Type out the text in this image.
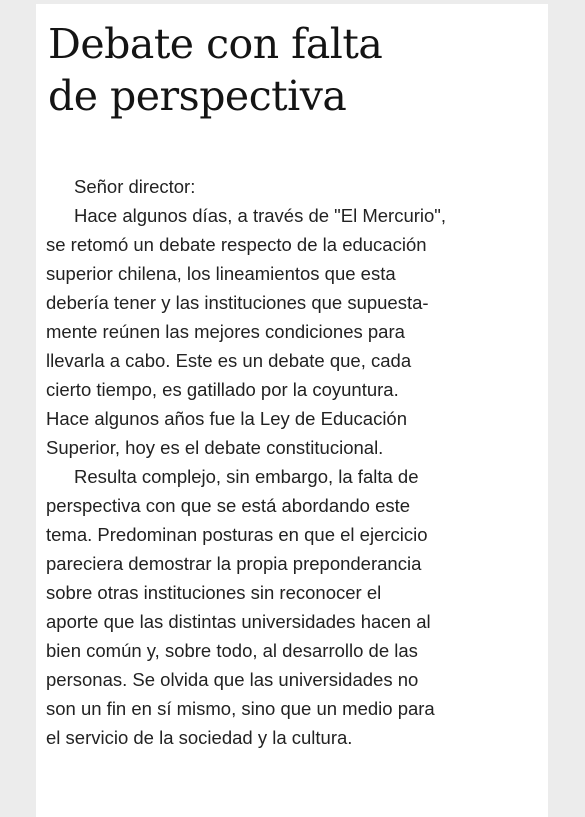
Debate con falta
de perspectiva
Señor director:
Hace algunos días, a través de "El Mercurio",
se retomó un debate respecto de la educación
superior chilena, los lineamientos que esta
debería tener y las instituciones que supuesta-
mente reúnen las mejores condiciones para
llevarla a cabo. Este es un debate que, cada
cierto tiempo, es gatillado por la coyuntura.
Hace algunos años fue la Ley de Educación
Superior, hoy es el debate constitucional.
Resulta complejo, sin embargo, la falta de
perspectiva con que se está abordando este
tema. Predominan posturas en que el ejercicio
pareciera demostrar la propia preponderancia
sobre otras instituciones sin reconocer el
aporte que las distintas universidades hacen al
bien común y, sobre todo, al desarrollo de las
personas. Se olvida que las universidades no
son un fin en sí mismo, sino que un medio para
el servicio de la sociedad y la cultura.
